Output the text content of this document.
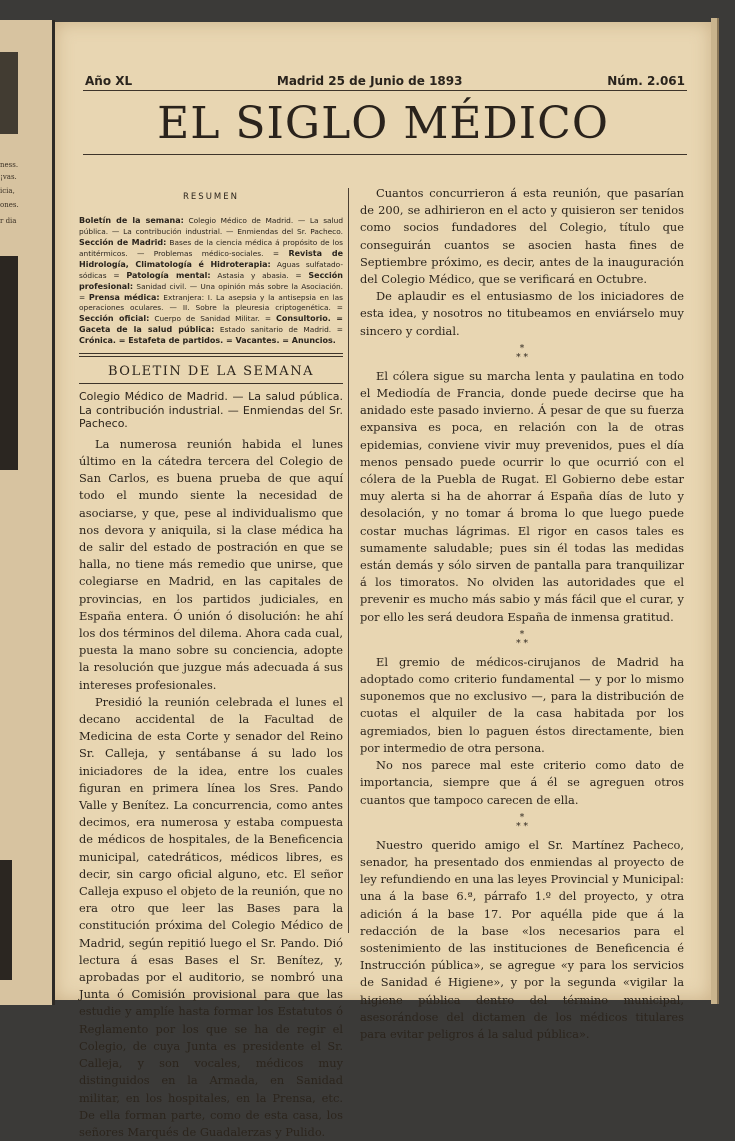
ness.
¡vas.
icia,
ones.
r dia
Año XL	Madrid 25 de Junio de 1893	Núm. 2.061
EL SIGLO MÉDICO
RESUMEN
Boletín de la semana: Colegio Médico de Madrid. — La salud pública. — La contribución industrial. — Enmiendas del Sr. Pacheco. Sección de Madrid: Bases de la ciencia médica á propósito de los antitérmicos. — Problemas médico-sociales. = Revista de Hidrología, Climatología é Hidroterapia: Aguas sulfatado-sódicas = Patología mental: Astasia y abasia. = Sección profesional: Sanidad civil. — Una opinión más sobre la Asociación. = Prensa médica: Extranjera: I. La asepsia y la antisepsia en las operaciones oculares. — II. Sobre la pleuresia criptogenética. = Sección oficial: Cuerpo de Sanidad Militar. = Consultorio. = Gaceta de la salud pública: Estado sanitario de Madrid. = Crónica. = Estafeta de partidos. = Vacantes. = Anuncios.
BOLETIN DE LA SEMANA
Colegio Médico de Madrid. — La salud pública. La contribución industrial. — Enmiendas del Sr. Pacheco.

La numerosa reunión habida el lunes último en la cátedra tercera del Colegio de San Carlos, es buena prueba de que aquí todo el mundo siente la necesidad de asociarse, y que, pese al individualismo que nos devora y aniquila, si la clase médica ha de salir del estado de postración en que se halla, no tiene más remedio que unirse, que colegiarse en Madrid, en las capitales de provincias, en los partidos judiciales, en España entera. Ó unión ó disolución: he ahí los dos términos del dilema. Ahora cada cual, puesta la mano sobre su conciencia, adopte la resolución que juzgue más adecuada á sus intereses profesionales.

Presidió la reunión celebrada el lunes el decano accidental de la Facultad de Medicina de esta Corte y senador del Reino Sr. Calleja, y sentábanse á su lado los iniciadores de la idea, entre los cuales figuran en primera línea los Sres. Pando Valle y Benítez. La concurrencia, como antes decimos, era numerosa y estaba compuesta de médicos de hospitales, de la Beneficencia municipal, catedráticos, médicos libres, es decir, sin cargo oficial alguno, etc. El señor Calleja expuso el objeto de la reunión, que no era otro que leer las Bases para la constitución próxima del Colegio Médico de Madrid, según repitió luego el Sr. Pando. Dió lectura á esas Bases el Sr. Benítez, y, aprobadas por el auditorio, se nombró una Junta ó Comisión provisional para que las estudie y amplíe hasta formar los Estatutos ó Reglamento por los que se ha de regir el Colegio, de cuya Junta es presidente el Sr. Calleja, y son vocales, médicos muy distinguidos en la Armada, en Sanidad militar, en los hospitales, en la Prensa, etc. De ella forman parte, como de esta casa, los señores Marqués de Guadalerzas y Pulido.

Cuantos concurrieron á esta reunión, que pasarían de 200, se adhirieron en el acto y quisieron ser tenidos como socios fundadores del Colegio, título que conseguirán cuantos se asocien hasta fines de Septiembre próximo, es decir, antes de la inauguración del Colegio Médico, que se verificará en Octubre.

De aplaudir es el entusiasmo de los iniciadores de esta idea, y nosotros no titubeamos en enviárselo muy sincero y cordial.

*
* *

El cólera sigue su marcha lenta y paulatina en todo el Mediodía de Francia, donde puede decirse que ha anidado este pasado invierno. Á pesar de que su fuerza expansiva es poca, en relación con la de otras epidemias, conviene vivir muy prevenidos, pues el día menos pensado puede ocurrir lo que ocurrió con el cólera de la Puebla de Rugat. El Gobierno debe estar muy alerta si ha de ahorrar á España días de luto y desolación, y no tomar á broma lo que luego puede costar muchas lágrimas. El rigor en casos tales es sumamente saludable; pues sin él todas las medidas están demás y sólo sirven de pantalla para tranquilizar á los timoratos. No olviden las autoridades que el prevenir es mucho más sabio y más fácil que el curar, y por ello les será deudora España de inmensa gratitud.

*
* *

El gremio de médicos-cirujanos de Madrid ha adoptado como criterio fundamental — y por lo mismo suponemos que no exclusivo —, para la distribución de cuotas el alquiler de la casa habitada por los agremiados, bien lo paguen éstos directamente, bien por intermedio de otra persona.

No nos parece mal este criterio como dato de importancia, siempre que á él se agreguen otros cuantos que tampoco carecen de ella.

*
* *

Nuestro querido amigo el Sr. Martínez Pacheco, senador, ha presentado dos enmiendas al proyecto de ley refundiendo en una las leyes Provincial y Municipal: una á la base 6.ª, párrafo 1.º del proyecto, y otra adición á la base 17. Por aquélla pide que á la redacción de la base «los necesarios para el sostenimiento de las instituciones de Beneficencia é Instrucción pública», se agregue «y para los servicios de Sanidad é Higiene», y por la segunda «vigilar la higiene pública dentro del término municipal, asesorándose del dictamen de los médicos titulares para evitar peligros á la salud pública».
